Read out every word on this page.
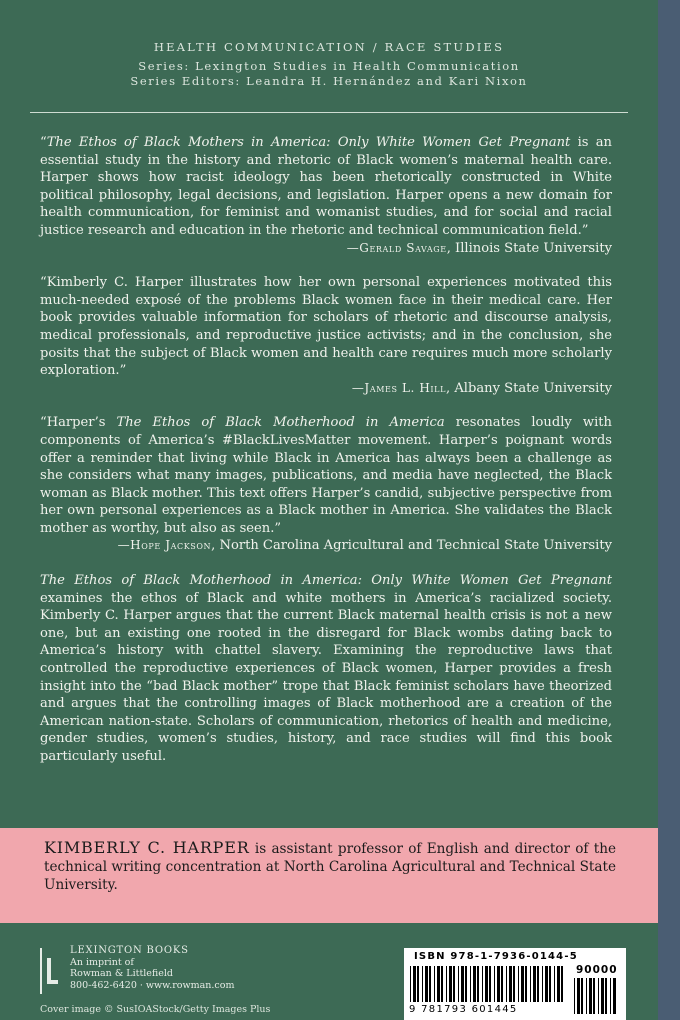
HEALTH COMMUNICATION / RACE STUDIES
Series: Lexington Studies in Health Communication
Series Editors: Leandra H. Hernández and Kari Nixon
“The Ethos of Black Mothers in America: Only White Women Get Pregnant is an essential study in the history and rhetoric of Black women’s maternal health care. Harper shows how racist ideology has been rhetorically constructed in White political philosophy, legal decisions, and legislation. Harper opens a new domain for health communication, for feminist and womanist studies, and for social and racial justice research and education in the rhetoric and technical communication field.”
—Gerald Savage, Illinois State University
“Kimberly C. Harper illustrates how her own personal experiences motivated this much-needed exposé of the problems Black women face in their medical care. Her book provides valuable information for scholars of rhetoric and discourse analysis, medical professionals, and reproductive justice activists; and in the conclusion, she posits that the subject of Black women and health care requires much more scholarly exploration.”
—James L. Hill, Albany State University
“Harper’s The Ethos of Black Motherhood in America resonates loudly with components of America’s #BlackLivesMatter movement. Harper’s poignant words offer a reminder that living while Black in America has always been a challenge as she considers what many images, publications, and media have neglected, the Black woman as Black mother. This text offers Harper’s candid, subjective perspective from her own personal experiences as a Black mother in America. She validates the Black mother as worthy, but also as seen.”
—Hope Jackson, North Carolina Agricultural and Technical State University
The Ethos of Black Motherhood in America: Only White Women Get Pregnant examines the ethos of Black and white mothers in America’s racialized society. Kimberly C. Harper argues that the current Black maternal health crisis is not a new one, but an existing one rooted in the disregard for Black wombs dating back to America’s history with chattel slavery. Examining the reproductive laws that controlled the reproductive experiences of Black women, Harper provides a fresh insight into the “bad Black mother” trope that Black feminist scholars have theorized and argues that the controlling images of Black motherhood are a creation of the American nation-state. Scholars of communication, rhetorics of health and medicine, gender studies, women’s studies, history, and race studies will find this book particularly useful.
KIMBERLY C. HARPER is assistant professor of English and director of the technical writing concentration at North Carolina Agricultural and Technical State University.
LEXINGTON BOOKS
An imprint of
Rowman & Littlefield
800-462-6420 · www.rowman.com
Cover image © SusIOAStock/Getty Images Plus
ISBN 978-1-7936-0144-5
9 781793 601445
90000
